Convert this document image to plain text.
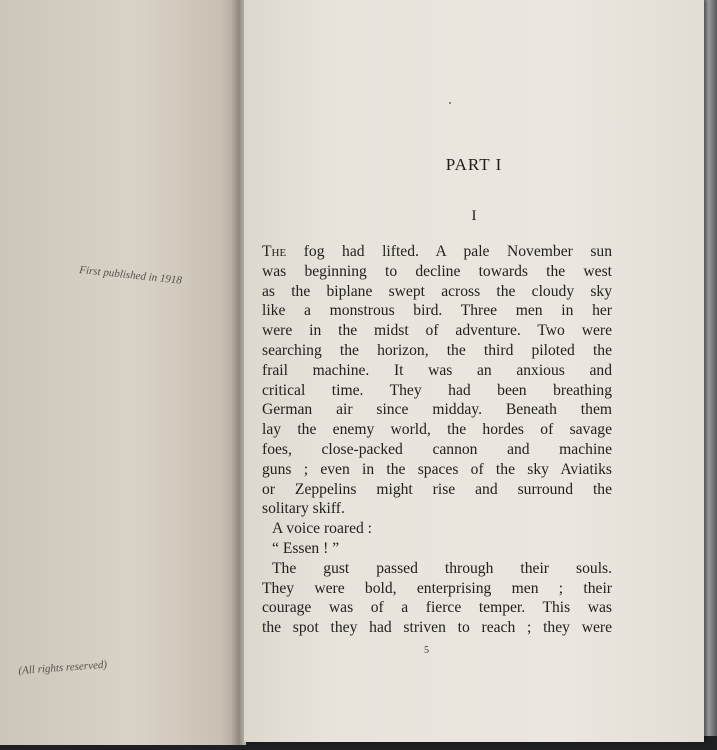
First published in 1918
(All rights reserved)
PART I
I
The fog had lifted. A pale November sun
was beginning to decline towards the west
as the biplane swept across the cloudy sky
like a monstrous bird. Three men in her
were in the midst of adventure. Two were
searching the horizon, the third piloted the
frail machine. It was an anxious and
critical time. They had been breathing
German air since midday. Beneath them
lay the enemy world, the hordes of savage
foes, close-packed cannon and machine
guns ; even in the spaces of the sky Aviatiks
or Zeppelins might rise and surround the
solitary skiff.
A voice roared :
“ Essen ! ”
The gust passed through their souls.
They were bold, enterprising men ; their
courage was of a fierce temper. This was
the spot they had striven to reach ; they were
5
